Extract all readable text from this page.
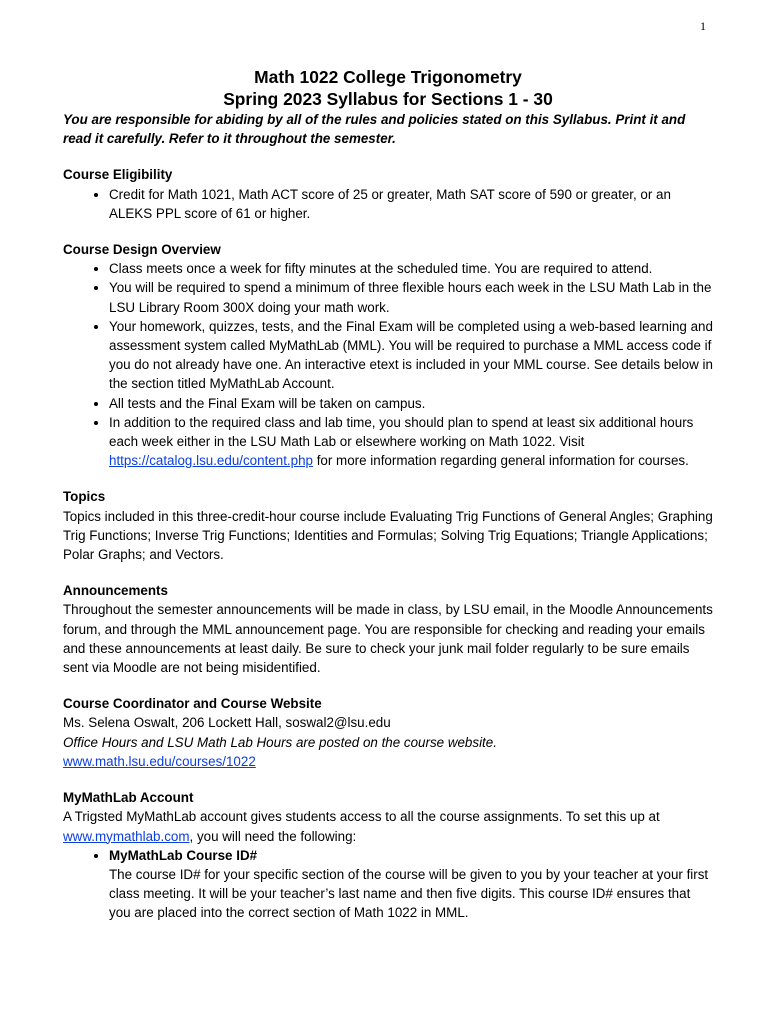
1
Math 1022 College Trigonometry
Spring 2023 Syllabus for Sections 1 - 30

You are responsible for abiding by all of the rules and policies stated on this Syllabus. Print it and read it carefully. Refer to it throughout the semester.

Course Eligibility
• Credit for Math 1021, Math ACT score of 25 or greater, Math SAT score of 590 or greater, or an ALEKS PPL score of 61 or higher.
Course Design Overview
• Class meets once a week for fifty minutes at the scheduled time. You are required to attend.
• You will be required to spend a minimum of three flexible hours each week in the LSU Math Lab in the LSU Library Room 300X doing your math work.
• Your homework, quizzes, tests, and the Final Exam will be completed using a web-based learning and assessment system called MyMathLab (MML). You will be required to purchase a MML access code if you do not already have one. An interactive etext is included in your MML course. See details below in the section titled MyMathLab Account.
• All tests and the Final Exam will be taken on campus.
• In addition to the required class and lab time, you should plan to spend at least six additional hours each week either in the LSU Math Lab or elsewhere working on Math 1022. Visit https://catalog.lsu.edu/content.php for more information regarding general information for courses.
Topics

Topics included in this three-credit-hour course include Evaluating Trig Functions of General Angles; Graphing Trig Functions; Inverse Trig Functions; Identities and Formulas; Solving Trig Equations; Triangle Applications; Polar Graphs; and Vectors.

Announcements

Throughout the semester announcements will be made in class, by LSU email, in the Moodle Announcements forum, and through the MML announcement page. You are responsible for checking and reading your emails and these announcements at least daily. Be sure to check your junk mail folder regularly to be sure emails sent via Moodle are not being misidentified.

Course Coordinator and Course Website
Ms. Selena Oswalt, 206 Lockett Hall, soswal2@lsu.edu
Office Hours and LSU Math Lab Hours are posted on the course website.
www.math.lsu.edu/courses/1022
MyMathLab Account

A Trigsted MyMathLab account gives students access to all the course assignments. To set this up at www.mymathlab.com, you will need the following:

• MyMathLab Course ID#
The course ID# for your specific section of the course will be given to you by your teacher at your first class meeting. It will be your teacher’s last name and then five digits. This course ID# ensures that you are placed into the correct section of Math 1022 in MML.
